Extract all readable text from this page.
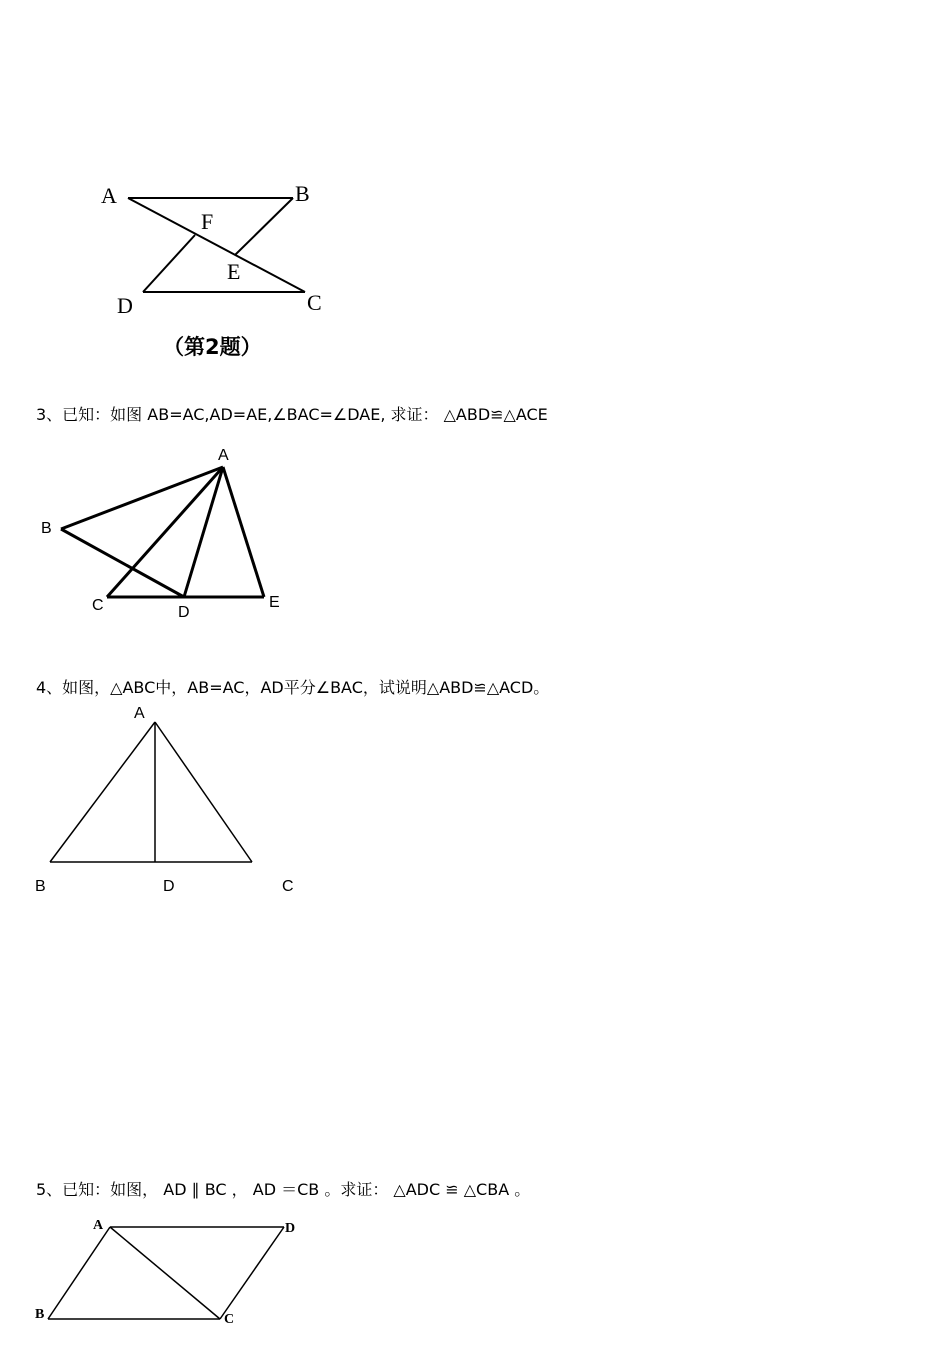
A	B
F
E
D	C
（第2题）
3、已知：如图 AB=AC,AD=AE,∠BAC=∠DAE, 求证： △ABD≌△ACE
A
B
C	D
E
4、如图，△ABC中，AB=AC，AD平分∠BAC，试说明△ABD≌△ACD。
A
B	D	C
5、已知：如图， AD ∥ BC ， AD ＝CB 。求证： △ADC ≌ △CBA 。
A	D
B	C
